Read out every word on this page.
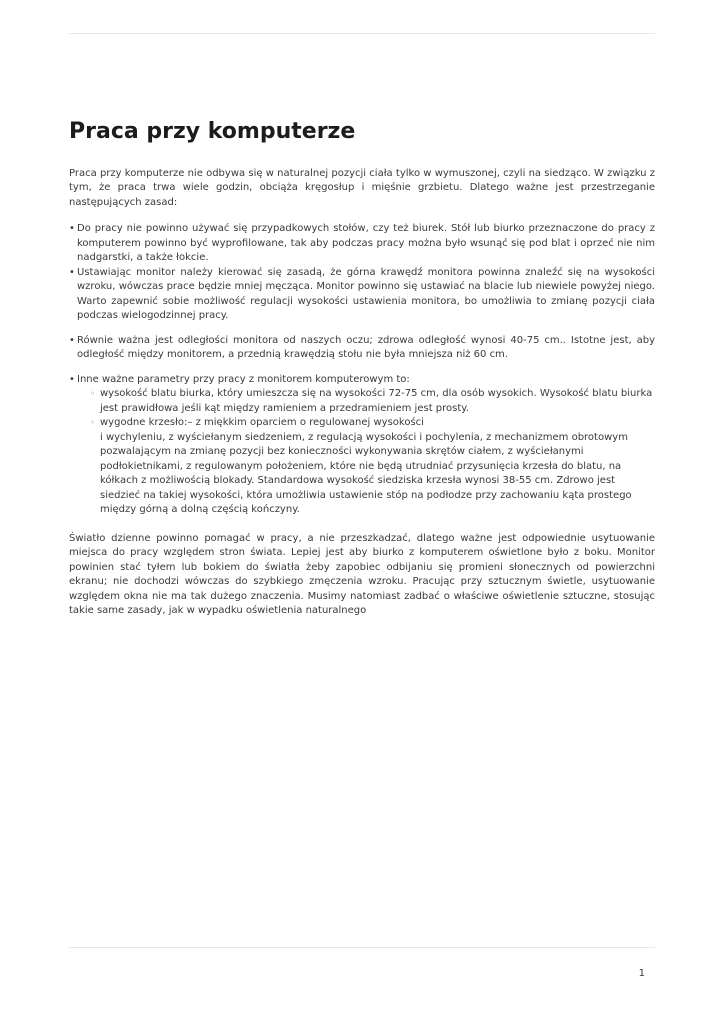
Praca przy komputerze

Praca przy komputerze nie odbywa się w naturalnej pozycji ciała tylko w wymuszonej, czyli na siedząco. W związku z tym, że praca trwa wiele godzin, obciąża kręgosłup i mięśnie grzbietu. Dlatego ważne jest przestrzeganie następujących zasad:

• Do pracy nie powinno używać się przypadkowych stołów, czy też biurek. Stół lub biurko przeznaczone do pracy z komputerem powinno być wyprofilowane, tak aby podczas pracy można było wsunąć się pod blat i oprzeć nie nim nadgarstki, a także łokcie.
• Ustawiając monitor należy kierować się zasadą, że górna krawędź monitora powinna znaleźć się na wysokości wzroku, wówczas prace będzie mniej męcząca. Monitor powinno się ustawiać na blacie lub niewiele powyżej niego. Warto zapewnić sobie możliwość regulacji wysokości ustawienia monitora, bo umożliwia to zmianę pozycji ciała podczas wielogodzinnej pracy.
• Równie ważna jest odległości monitora od naszych oczu; zdrowa odległość wynosi 40-75 cm.. Istotne jest, aby odległość między monitorem, a przednią krawędzią stołu nie była mniejsza niż 60 cm.
• Inne ważne parametry przy pracy z monitorem komputerowym to:
◦ wysokość blatu biurka, który umieszcza się na wysokości 72-75 cm, dla osób wysokich. Wysokość blatu biurka jest prawidłowa jeśli kąt między ramieniem a przedramieniem jest prosty.
◦ wygodne krzesło:– z miękkim oparciem o regulowanej wysokości
i wychyleniu, z wyściełanym siedzeniem, z regulacją wysokości i pochylenia, z mechanizmem obrotowym pozwalającym na zmianę pozycji bez konieczności wykonywania skrętów ciałem, z wyściełanymi podłokietnikami, z regulowanym położeniem, które nie będą utrudniać przysunięcia krzesła do blatu, na kółkach z możliwością blokady. Standardowa wysokość siedziska krzesła wynosi 38-55 cm. Zdrowo jest siedzieć na takiej wysokości, która umożliwia ustawienie stóp na podłodze przy zachowaniu kąta prostego między górną a dolną częścią kończyny.

Światło dzienne powinno pomagać w pracy, a nie przeszkadzać, dlatego ważne jest odpowiednie usytuowanie miejsca do pracy względem stron świata. Lepiej jest aby biurko z komputerem oświetlone było z boku. Monitor powinien stać tyłem lub bokiem do światła żeby zapobiec odbijaniu się promieni słonecznych od powierzchni ekranu; nie dochodzi wówczas do szybkiego zmęczenia wzroku. Pracując przy sztucznym świetle, usytuowanie względem okna nie ma tak dużego znaczenia. Musimy natomiast zadbać o właściwe oświetlenie sztuczne, stosując takie same zasady, jak w wypadku oświetlenia naturalnego

1
